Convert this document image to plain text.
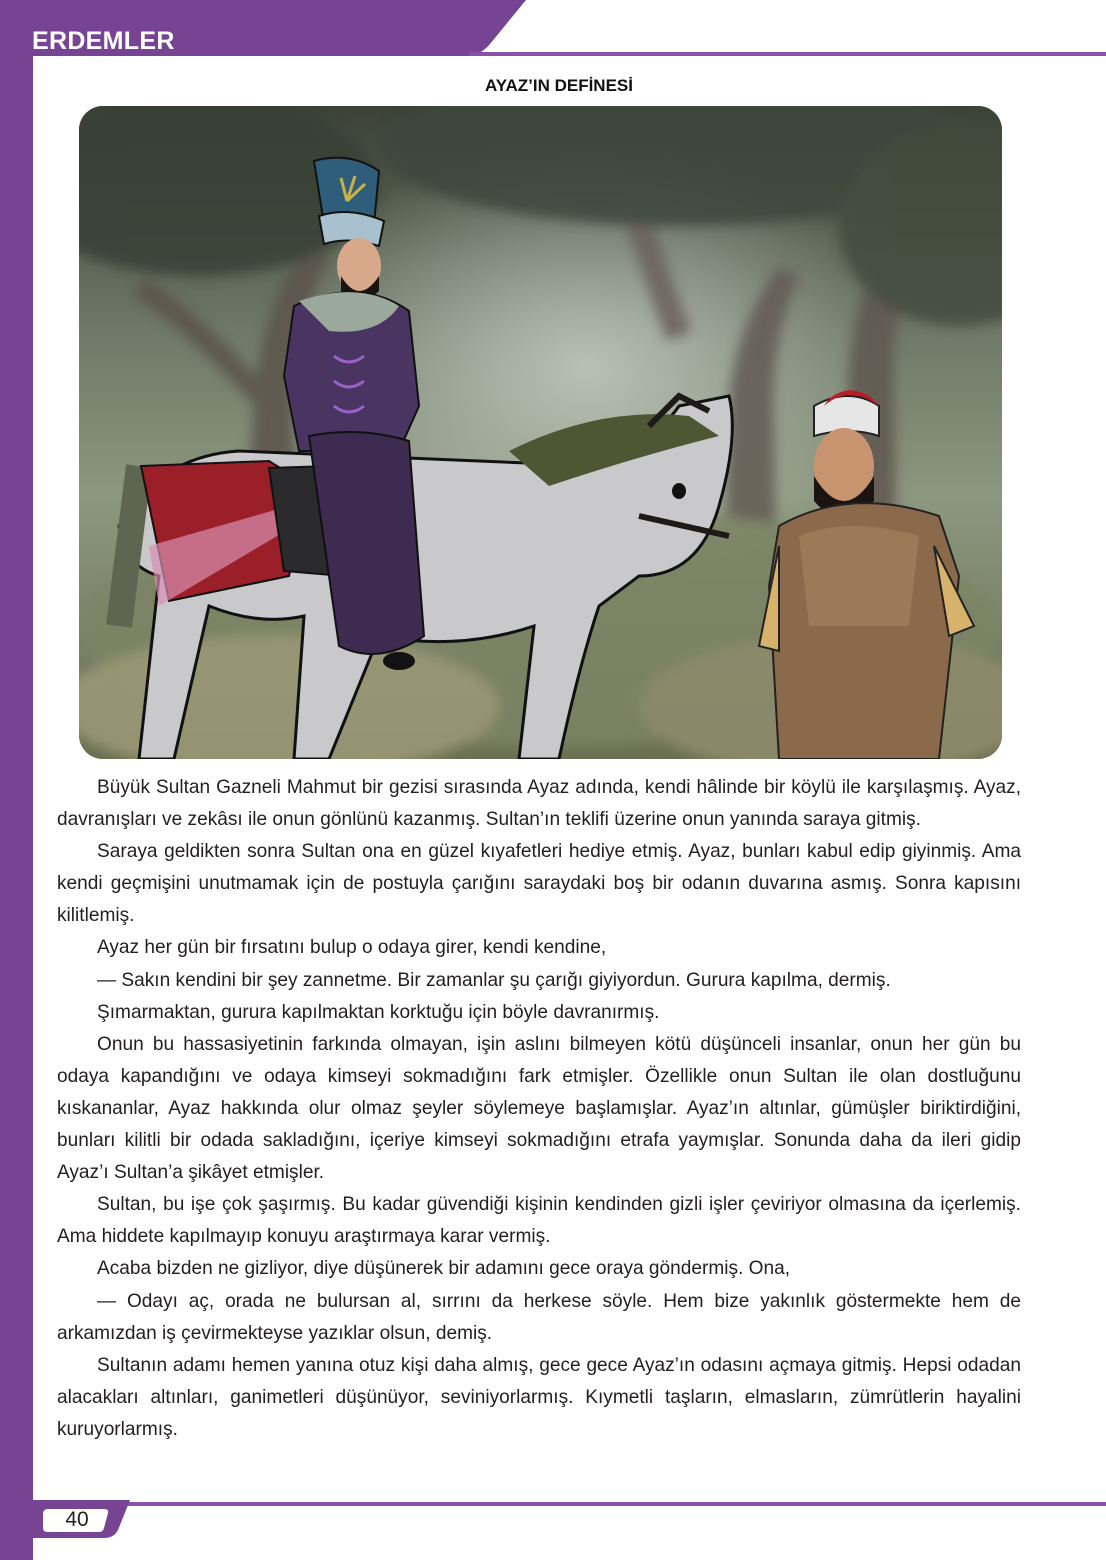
ERDEMLER
AYAZ’IN DEFİNESİ

Büyük Sultan Gazneli Mahmut bir gezisi sırasında Ayaz adında, kendi hâlinde bir köylü ile karşılaşmış. Ayaz, davranışları ve zekâsı ile onun gönlünü kazanmış. Sultan’ın teklifi üzerine onun yanında saraya gitmiş.

Saraya geldikten sonra Sultan ona en güzel kıyafetleri hediye etmiş. Ayaz, bunları kabul edip giyinmiş. Ama kendi geçmişini unutmamak için de postuyla çarığını saraydaki boş bir odanın duvarına asmış. Sonra kapısını kilitlemiş.

Ayaz her gün bir fırsatını bulup o odaya girer, kendi kendine,

— Sakın kendini bir şey zannetme. Bir zamanlar şu çarığı giyiyordun. Gurura kapılma, dermiş.

Şımarmaktan, gurura kapılmaktan korktuğu için böyle davranırmış.

Onun bu hassasiyetinin farkında olmayan, işin aslını bilmeyen kötü düşünceli insanlar, onun her gün bu odaya kapandığını ve odaya kimseyi sokmadığını fark etmişler. Özellikle onun Sultan ile olan dostluğunu kıskananlar, Ayaz hakkında olur olmaz şeyler söylemeye başlamışlar. Ayaz’ın altınlar, gümüşler biriktirdiğini, bunları kilitli bir odada sakladığını, içeriye kimseyi sokmadığını etrafa yaymışlar. Sonunda daha da ileri gidip Ayaz’ı Sultan’a şikâyet etmişler.

Sultan, bu işe çok şaşırmış. Bu kadar güvendiği kişinin kendinden gizli işler çeviriyor olmasına da içerlemiş. Ama hiddete kapılmayıp konuyu araştırmaya karar vermiş.

Acaba bizden ne gizliyor, diye düşünerek bir adamını gece oraya göndermiş. Ona,

— Odayı aç, orada ne bulursan al, sırrını da herkese söyle. Hem bize yakınlık göstermekte hem de arkamızdan iş çevirmekteyse yazıklar olsun, demiş.

Sultanın adamı hemen yanına otuz kişi daha almış, gece gece Ayaz’ın odasını açmaya gitmiş. Hepsi odadan alacakları altınları, ganimetleri düşünüyor, seviniyorlarmış. Kıymetli taşların, elmasların, zümrütlerin hayalini kuruyorlarmış.

40
